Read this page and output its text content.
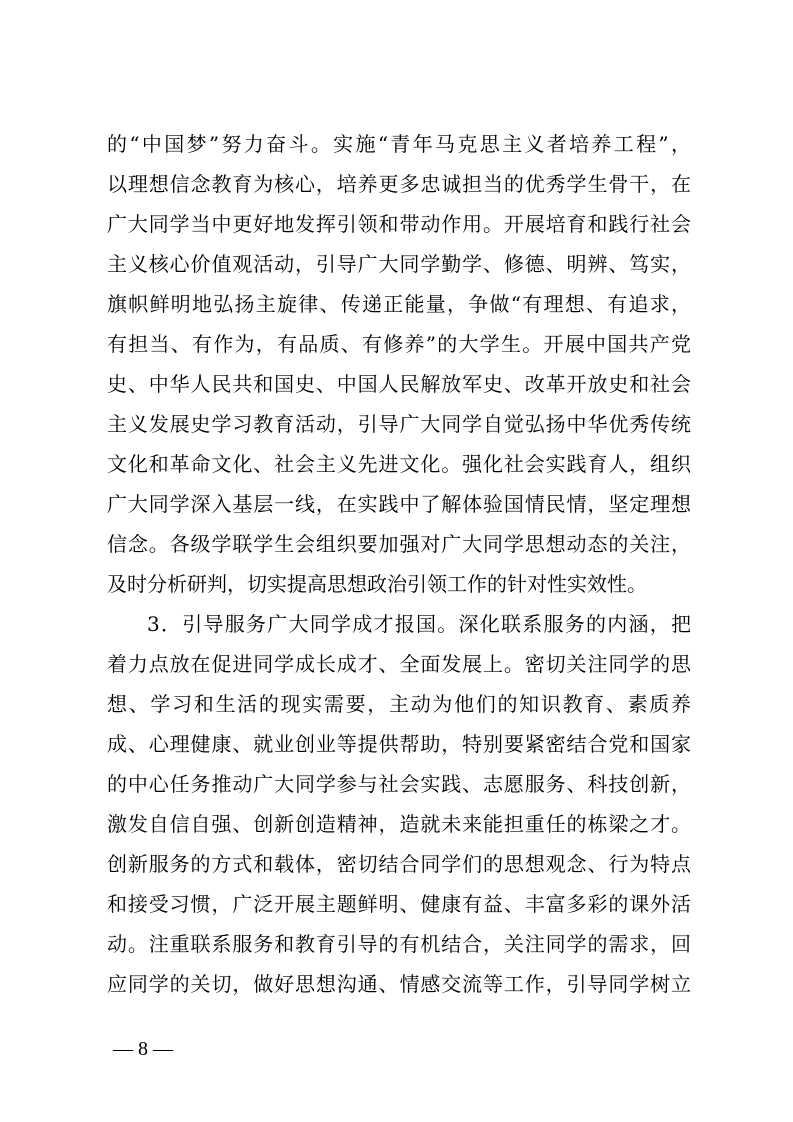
的“中国梦”努力奋斗。实施“青年马克思主义者培养工程”，
以理想信念教育为核心，培养更多忠诚担当的优秀学生骨干，在
广大同学当中更好地发挥引领和带动作用。开展培育和践行社会
主义核心价值观活动，引导广大同学勤学、修德、明辨、笃实，
旗帜鲜明地弘扬主旋律、传递正能量，争做“有理想、有追求，
有担当、有作为，有品质、有修养”的大学生。开展中国共产党
史、中华人民共和国史、中国人民解放军史、改革开放史和社会
主义发展史学习教育活动，引导广大同学自觉弘扬中华优秀传统
文化和革命文化、社会主义先进文化。强化社会实践育人，组织
广大同学深入基层一线，在实践中了解体验国情民情，坚定理想
信念。各级学联学生会组织要加强对广大同学思想动态的关注，
及时分析研判，切实提高思想政治引领工作的针对性实效性。
3．引导服务广大同学成才报国。深化联系服务的内涵，把
着力点放在促进同学成长成才、全面发展上。密切关注同学的思
想、学习和生活的现实需要，主动为他们的知识教育、素质养
成、心理健康、就业创业等提供帮助，特别要紧密结合党和国家
的中心任务推动广大同学参与社会实践、志愿服务、科技创新，
激发自信自强、创新创造精神，造就未来能担重任的栋梁之才。
创新服务的方式和载体，密切结合同学们的思想观念、行为特点
和接受习惯，广泛开展主题鲜明、健康有益、丰富多彩的课外活
动。注重联系服务和教育引导的有机结合，关注同学的需求，回
应同学的关切，做好思想沟通、情感交流等工作，引导同学树立
— 8 —
